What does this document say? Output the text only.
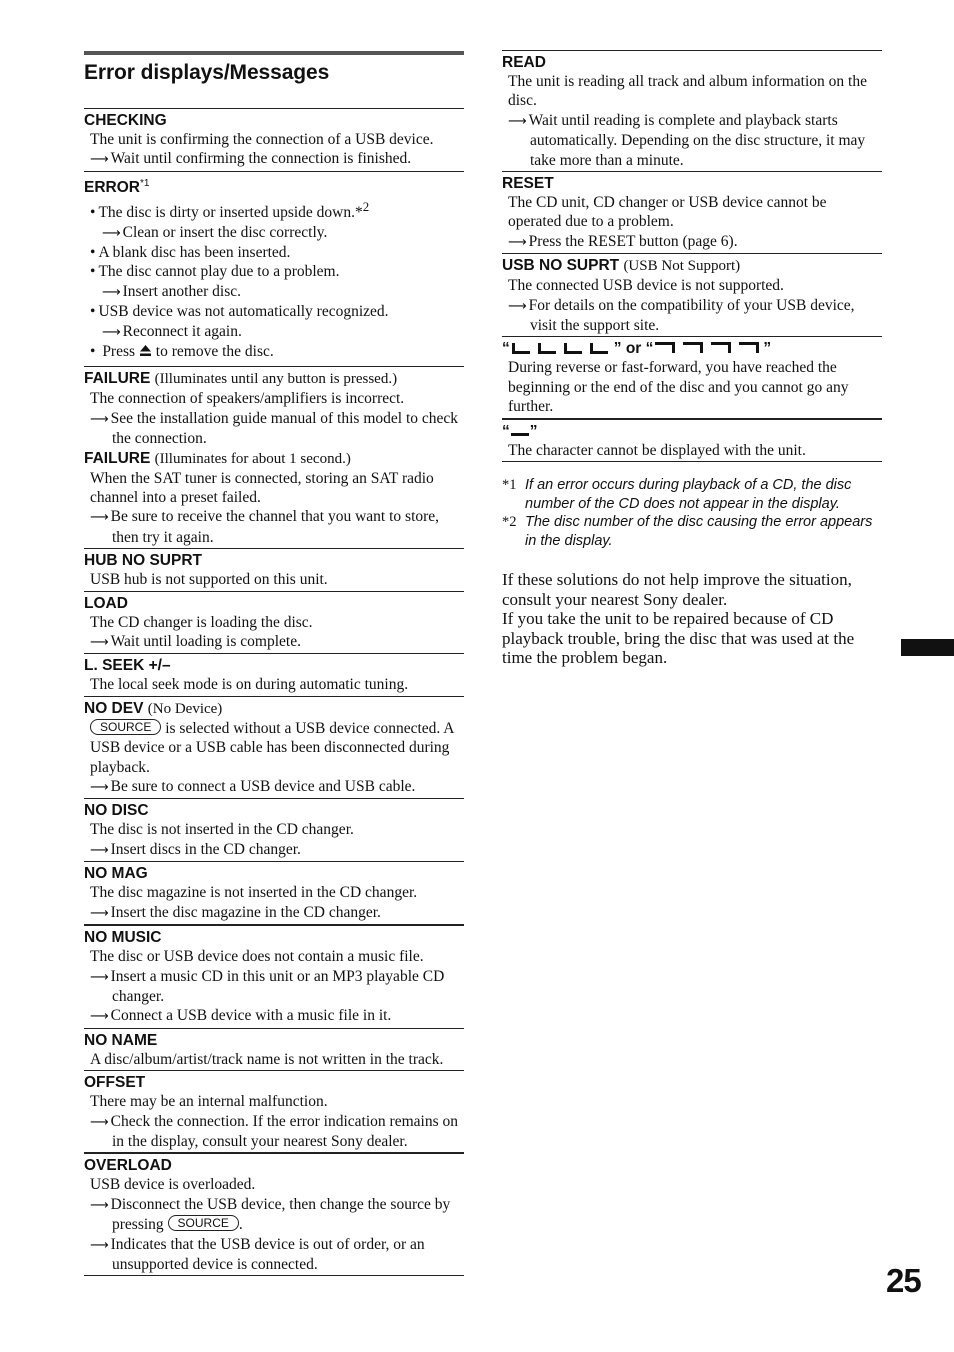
Error displays/Messages
CHECKING
The unit is confirming the connection of a USB device.
⟶ Wait until confirming the connection is finished.
ERROR$^{*1}$
• The disc is dirty or inserted upside down.*$^2$
⟶ Clean or insert the disc correctly.
• A blank disc has been inserted.
• The disc cannot play due to a problem.
⟶ Insert another disc.
• USB device was not automatically recognized.
⟶ Reconnect it again.
• Press to remove the disc.
FAILURE (Illuminates until any button is pressed.)
The connection of speakers/amplifiers is incorrect.
⟶ See the installation guide manual of this model to check the connection.
FAILURE (Illuminates for about 1 second.)
When the SAT tuner is connected, storing an SAT radio channel into a preset failed.
⟶ Be sure to receive the channel that you want to store, then try it again.
HUB NO SUPRT
USB hub is not supported on this unit.
LOAD
The CD changer is loading the disc.
⟶ Wait until loading is complete.
L. SEEK +/–
The local seek mode is on during automatic tuning.
NO DEV (No Device)
SOURCE is selected without a USB device connected. A USB device or a USB cable has been disconnected during playback.
⟶ Be sure to connect a USB device and USB cable.
NO DISC
The disc is not inserted in the CD changer.
⟶ Insert discs in the CD changer.
NO MAG
The disc magazine is not inserted in the CD changer.
⟶ Insert the disc magazine in the CD changer.
NO MUSIC
The disc or USB device does not contain a music file.
⟶ Insert a music CD in this unit or an MP3 playable CD changer.
⟶ Connect a USB device with a music file in it.
NO NAME
A disc/album/artist/track name is not written in the track.
OFFSET
There may be an internal malfunction.
⟶ Check the connection. If the error indication remains on in the display, consult your nearest Sony dealer.
OVERLOAD
USB device is overloaded.
⟶ Disconnect the USB device, then change the source by pressing SOURCE .
⟶ Indicates that the USB device is out of order, or an unsupported device is connected.
READ
The unit is reading all track and album information on the disc.
⟶ Wait until reading is complete and playback starts automatically. Depending on the disc structure, it may take more than a minute.
RESET
The CD unit, CD changer or USB device cannot be operated due to a problem.
⟶ Press the RESET button (page 6).
USB NO SUPRT (USB Not Support)
The connected USB device is not supported.
⟶ For details on the compatibility of your USB device, visit the support site.
“	” or “	”
During reverse or fast-forward, you have reached the beginning or the end of the disc and you cannot go any further.
“ ”
The character cannot be displayed with the unit.
*1 If an error occurs during playback of a CD, the disc number of the CD does not appear in the display.
*2 The disc number of the disc causing the error appears in the display.
If these solutions do not help improve the situation, consult your nearest Sony dealer.
If you take the unit to be repaired because of CD playback trouble, bring the disc that was used at the time the problem began.
25
